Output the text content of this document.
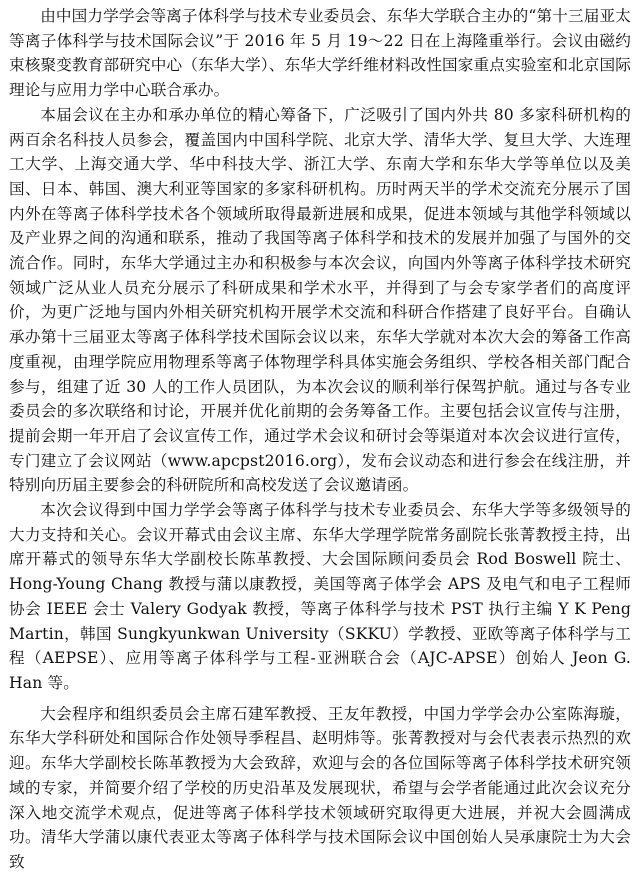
由中国力学学会等离子体科学与技术专业委员会、东华大学联合主办的“第十三届亚太等离子体科学与技术国际会议”于 2016 年 5 月 19～22 日在上海隆重举行。会议由磁约束核聚变教育部研究中心（东华大学）、东华大学纤维材料改性国家重点实验室和北京国际理论与应用力学中心联合承办。

本届会议在主办和承办单位的精心筹备下，广泛吸引了国内外共 80 多家科研机构的两百余名科技人员参会，覆盖国内中国科学院、北京大学、清华大学、复旦大学、大连理工大学、上海交通大学、华中科技大学、浙江大学、东南大学和东华大学等单位以及美国、日本、韩国、澳大利亚等国家的多家科研机构。历时两天半的学术交流充分展示了国内外在等离子体科学技术各个领域所取得最新进展和成果，促进本领域与其他学科领域以及产业界之间的沟通和联系，推动了我国等离子体科学和技术的发展并加强了与国外的交流合作。同时，东华大学通过主办和积极参与本次会议，向国内外等离子体科学技术研究领域广泛从业人员充分展示了科研成果和学术水平，并得到了与会专家学者们的高度评价，为更广泛地与国内外相关研究机构开展学术交流和科研合作搭建了良好平台。自确认承办第十三届亚太等离子体科学技术国际会议以来，东华大学就对本次大会的筹备工作高度重视，由理学院应用物理系等离子体物理学科具体实施会务组织、学校各相关部门配合参与，组建了近 30 人的工作人员团队，为本次会议的顺利举行保驾护航。通过与各专业委员会的多次联络和讨论，开展并优化前期的会务筹备工作。主要包括会议宣传与注册，提前会期一年开启了会议宣传工作，通过学术会议和研讨会等渠道对本次会议进行宣传，专门建立了会议网站（www.apcpst2016.org），发布会议动态和进行参会在线注册，并特别向历届主要参会的科研院所和高校发送了会议邀请函。

本次会议得到中国力学学会等离子体科学与技术专业委员会、东华大学等多级领导的大力支持和关心。会议开幕式由会议主席、东华大学理学院常务副院长张菁教授主持，出席开幕式的领导东华大学副校长陈革教授、大会国际顾问委员会 Rod Boswell 院士、Hong-Young Chang 教授与蒲以康教授，美国等离子体学会 APS 及电气和电子工程师协会 IEEE 会士 Valery Godyak 教授，等离子体科学与技术 PST 执行主编 Y K Peng Martin，韩国 Sungkyunkwan University（SKKU）学教授、亚欧等离子体科学与工程（AEPSE）、应用等离子体科学与工程-亚洲联合会（AJC-APSE）创始人 Jeon G. Han 等。

大会程序和组织委员会主席石建军教授、王友年教授，中国力学学会办公室陈海璇，东华大学科研处和国际合作处领导季程昌、赵明炜等。张菁教授对与会代表表示热烈的欢迎。东华大学副校长陈革教授为大会致辞，欢迎与会的各位国际等离子体科学技术研究领域的专家，并简要介绍了学校的历史沿革及发展现状，希望与会学者能通过此次会议充分深入地交流学术观点，促进等离子体科学技术领域研究取得更大进展，并祝大会圆满成功。清华大学蒲以康代表亚太等离子体科学与技术国际会议中国创始人吴承康院士为大会致
